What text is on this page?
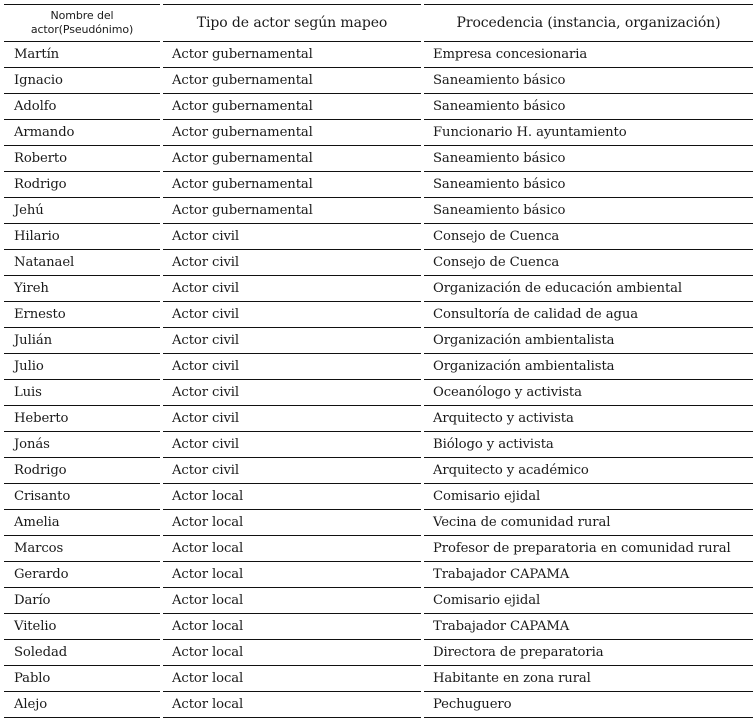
Nombre del actor(Pseudónimo)	Tipo de actor según mapeo	Procedencia (instancia, organización)
Martín	Actor gubernamental	Empresa concesionaria
Ignacio	Actor gubernamental	Saneamiento básico
Adolfo	Actor gubernamental	Saneamiento básico
Armando	Actor gubernamental	Funcionario H. ayuntamiento
Roberto	Actor gubernamental	Saneamiento básico
Rodrigo	Actor gubernamental	Saneamiento básico
Jehú	Actor gubernamental	Saneamiento básico
Hilario	Actor civil	Consejo de Cuenca
Natanael	Actor civil	Consejo de Cuenca
Yireh	Actor civil	Organización de educación ambiental
Ernesto	Actor civil	Consultoría de calidad de agua
Julián	Actor civil	Organización ambientalista
Julio	Actor civil	Organización ambientalista
Luis	Actor civil	Oceanólogo y activista
Heberto	Actor civil	Arquitecto y activista
Jonás	Actor civil	Biólogo y activista
Rodrigo	Actor civil	Arquitecto y académico
Crisanto	Actor local	Comisario ejidal
Amelia	Actor local	Vecina de comunidad rural
Marcos	Actor local	Profesor de preparatoria en comunidad rural
Gerardo	Actor local	Trabajador CAPAMA
Darío	Actor local	Comisario ejidal
Vitelio	Actor local	Trabajador CAPAMA
Soledad	Actor local	Directora de preparatoria
Pablo	Actor local	Habitante en zona rural
Alejo	Actor local	Pechuguero
